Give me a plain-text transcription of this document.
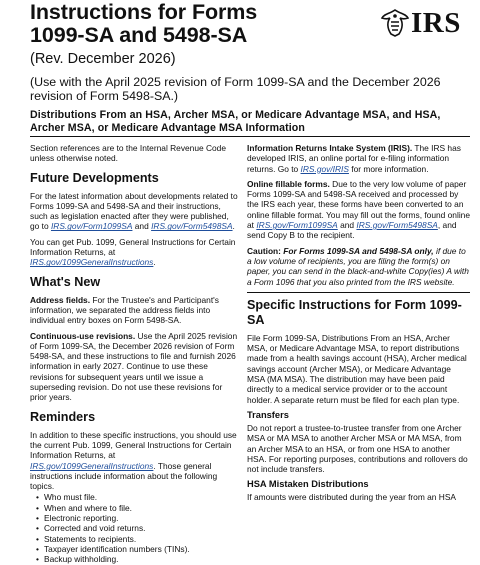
Instructions for Forms
1099-SA and 5498-SA	IRS
(Rev. December 2026)
(Use with the April 2025 revision of Form 1099-SA and the December 2026 revision of Form 5498-SA.)
Distributions From an HSA, Archer MSA, or Medicare Advantage MSA, and HSA, Archer MSA, or Medicare Advantage MSA Information

Section references are to the Internal Revenue Code unless otherwise noted.

Future Developments

For the latest information about developments related to Forms 1099-SA and 5498-SA and their instructions, such as legislation enacted after they were published, go to IRS.gov/Form1099SA and IRS.gov/Form5498SA.

You can get Pub. 1099, General Instructions for Certain Information Returns, at IRS.gov/1099GeneralInstructions.

What's New

Address fields. For the Trustee's and Participant's information, we separated the address fields into individual entry boxes on Form 5498-SA.

Continuous-use revisions. Use the April 2025 revision of Form 1099-SA, the December 2026 revision of Form 5498-SA, and these instructions to file and furnish 2026 information in early 2027. Continue to use these revisions for subsequent years until we issue a superseding revision. Do not use these revisions for prior years.

Reminders

In addition to these specific instructions, you should use the current Pub. 1099, General Instructions for Certain Information Returns, at IRS.gov/1099GeneralInstructions. Those general instructions include information about the following topics.

• Who must file.
• When and where to file.
• Electronic reporting.
• Corrected and void returns.
• Statements to recipients.
• Taxpayer identification numbers (TINs).
• Backup withholding.

Information Returns Intake System (IRIS). The IRS has developed IRIS, an online portal for e-filing information returns. Go to IRS.gov/IRIS for more information.

Online fillable forms. Due to the very low volume of paper Forms 1099-SA and 5498-SA received and processed by the IRS each year, these forms have been converted to an online fillable format. You may fill out the forms, found online at IRS.gov/Form1099SA and IRS.gov/Form5498SA, and send Copy B to the recipient.

Caution: For Forms 1099-SA and 5498-SA only, if due to a low volume of recipients, you are filing the form(s) on paper, you can send in the black-and-white Copy(ies) A with a Form 1096 that you also printed from the IRS website.

Specific Instructions for Form 1099-SA

File Form 1099-SA, Distributions From an HSA, Archer MSA, or Medicare Advantage MSA, to report distributions made from a health savings account (HSA), Archer medical savings account (Archer MSA), or Medicare Advantage MSA (MA MSA). The distribution may have been paid directly to a medical service provider or to the account holder. A separate return must be filed for each plan type.

Transfers

Do not report a trustee-to-trustee transfer from one Archer MSA or MA MSA to another Archer MSA or MA MSA, from an Archer MSA to an HSA, or from one HSA to another HSA. For reporting purposes, contributions and rollovers do not include transfers.

HSA Mistaken Distributions

If amounts were distributed during the year from an HSA
